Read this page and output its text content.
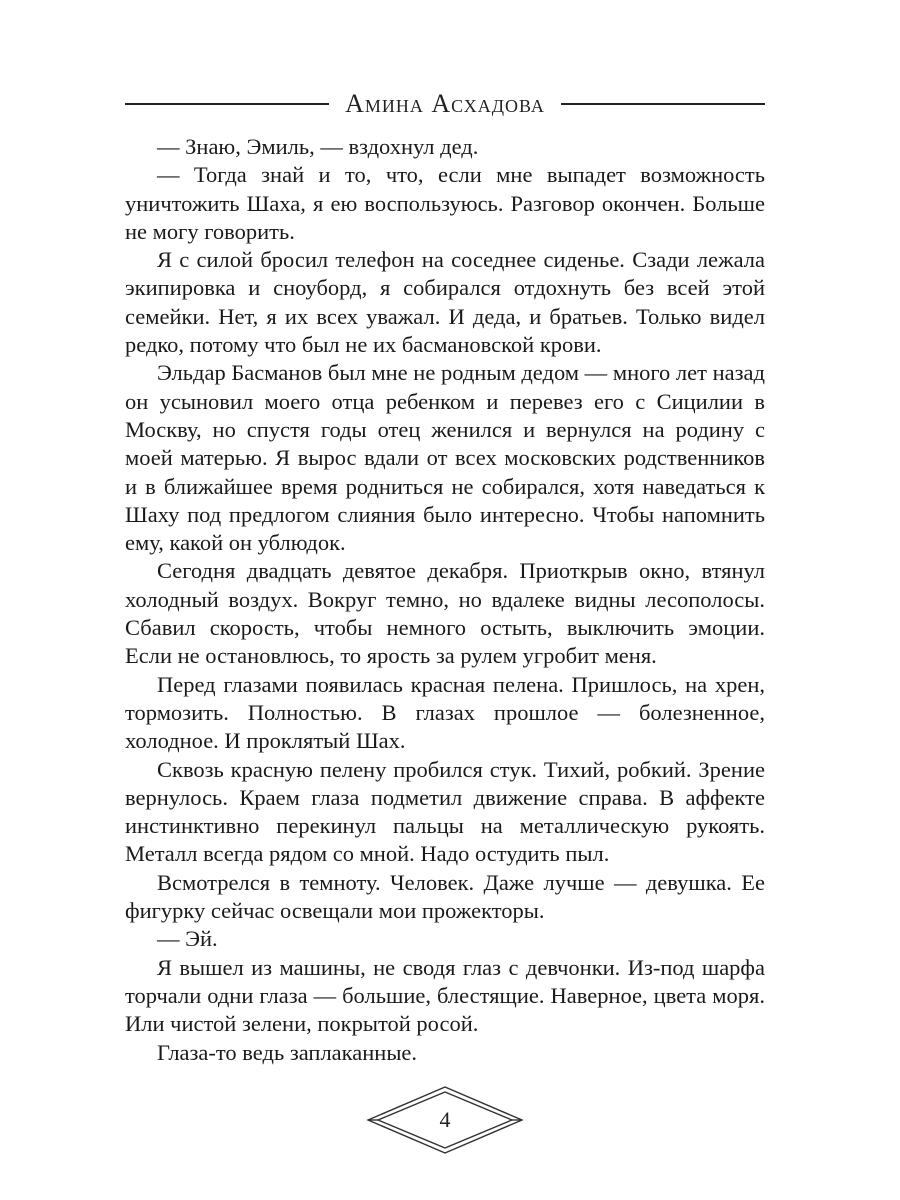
Амина Асхадова

— Знаю, Эмиль, — вздохнул дед.

— Тогда знай и то, что, если мне выпадет возможность уничтожить Шаха, я ею воспользуюсь. Разговор окончен. Больше не могу говорить.

Я с силой бросил телефон на соседнее сиденье. Сзади лежала экипировка и сноуборд, я собирался отдохнуть без всей этой семейки. Нет, я их всех уважал. И деда, и братьев. Только видел редко, потому что был не их басмановской крови.

Эльдар Басманов был мне не родным дедом — много лет назад он усыновил моего отца ребенком и перевез его с Сицилии в Москву, но спустя годы отец женился и вернулся на родину с моей матерью. Я вырос вдали от всех московских родственников и в ближайшее время родниться не собирался, хотя наведаться к Шаху под предлогом слияния было интересно. Чтобы напомнить ему, какой он ублюдок.

Сегодня двадцать девятое декабря. Приоткрыв окно, втянул холодный воздух. Вокруг темно, но вдалеке видны лесополосы. Сбавил скорость, чтобы немного остыть, выключить эмоции. Если не остановлюсь, то ярость за рулем угробит меня.

Перед глазами появилась красная пелена. Пришлось, на хрен, тормозить. Полностью. В глазах прошлое — болезненное, холодное. И проклятый Шах.

Сквозь красную пелену пробился стук. Тихий, робкий. Зрение вернулось. Краем глаза подметил движение справа. В аффекте инстинктивно перекинул пальцы на металлическую рукоять. Металл всегда рядом со мной. Надо остудить пыл.

Всмотрелся в темноту. Человек. Даже лучше — девушка. Ее фигурку сейчас освещали мои прожекторы.

— Эй.

Я вышел из машины, не сводя глаз с девчонки. Из-под шарфа торчали одни глаза — большие, блестящие. Наверное, цвета моря. Или чистой зелени, покрытой росой.

Глаза-то ведь заплаканные.

4
